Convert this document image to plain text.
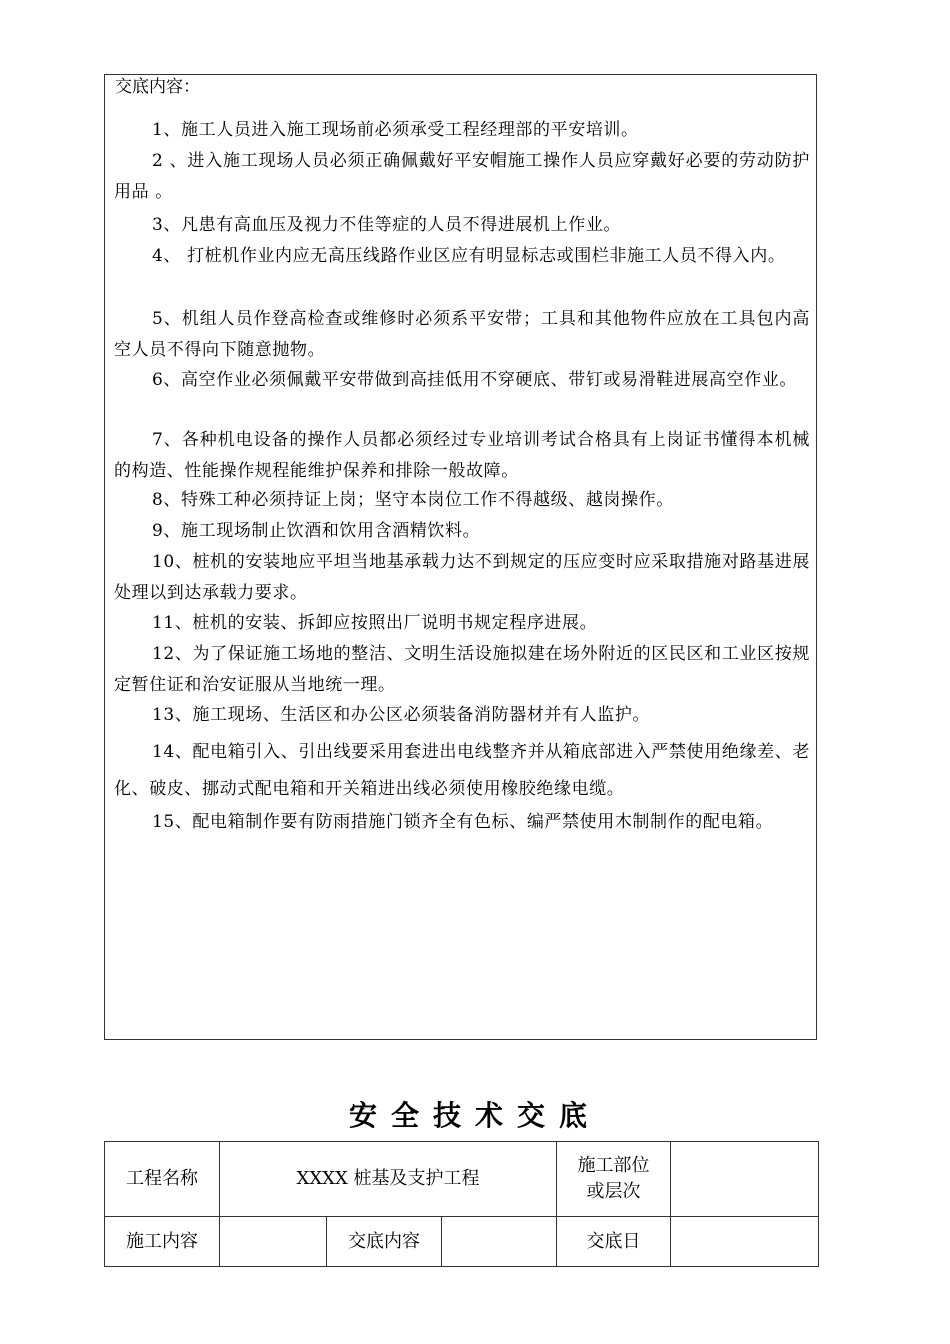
交底内容：
1、施工人员进入施工现场前必须承受工程经理部的平安培训。
2 、进入施工现场人员必须正确佩戴好平安帽施工操作人员应穿戴好必要的劳动防护用品 。
3、凡患有高血压及视力不佳等症的人员不得进展机上作业。
4、 打桩机作业内应无高压线路作业区应有明显标志或围栏非施工人员不得入内。
5、机组人员作登高检查或维修时必须系平安带；工具和其他物件应放在工具包内高空人员不得向下随意抛物。
6、高空作业必须佩戴平安带做到高挂低用不穿硬底、带钉或易滑鞋进展高空作业。
7、各种机电设备的操作人员都必须经过专业培训考试合格具有上岗证书懂得本机械的构造、性能操作规程能维护保养和排除一般故障。
8、特殊工种必须持证上岗；坚守本岗位工作不得越级、越岗操作。
9、施工现场制止饮酒和饮用含酒精饮料。
10、桩机的安装地应平坦当地基承载力达不到规定的压应变时应采取措施对路基进展处理以到达承载力要求。
11、桩机的安装、拆卸应按照出厂说明书规定程序进展。
12、为了保证施工场地的整洁、文明生活设施拟建在场外附近的区民区和工业区按规定暂住证和治安证服从当地统一理。
13、施工现场、生活区和办公区必须装备消防器材并有人监护。
14、配电箱引入、引出线要采用套进出电线整齐并从箱底部进入严禁使用绝缘差、老化、破皮、挪动式配电箱和开关箱进出线必须使用橡胶绝缘电缆。
15、配电箱制作要有防雨措施门锁齐全有色标、编严禁使用木制制作的配电箱。
安全技术交底
工程名称	XXXX 桩基及支护工程			施工部位或层次	

施工内容		交底内容		交底日	
